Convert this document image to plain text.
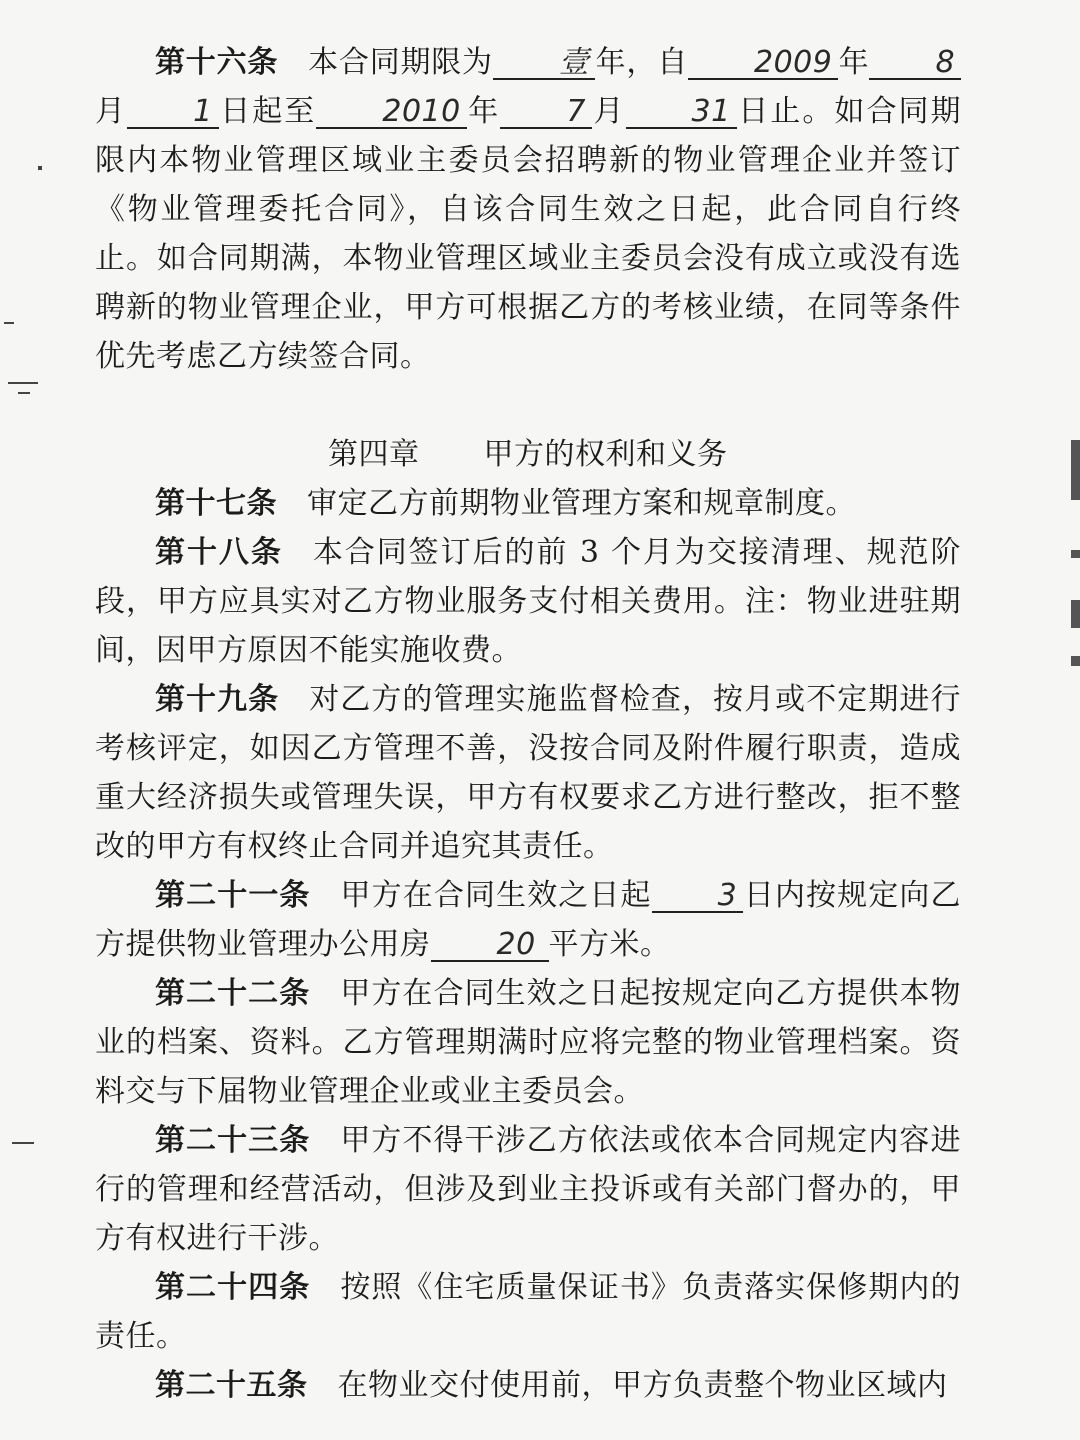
第十六条 本合同期限为 壹 年，自 2009 年 8月 1 日起至 2010 年 7 月 31 日止。如合同期限内本物业管理区域业主委员会招聘新的物业管理企业并签订《物业管理委托合同》，自该合同生效之日起，此合同自行终止。如合同期满，本物业管理区域业主委员会没有成立或没有选聘新的物业管理企业，甲方可根据乙方的考核业绩，在同等条件优先考虑乙方续签合同。

第四章 甲方的权利和义务

第十七条 审定乙方前期物业管理方案和规章制度。

第十八条 本合同签订后的前 3 个月为交接清理、规范阶段，甲方应具实对乙方物业服务支付相关费用。注：物业进驻期间，因甲方原因不能实施收费。

第十九条 对乙方的管理实施监督检查，按月或不定期进行考核评定，如因乙方管理不善，没按合同及附件履行职责，造成重大经济损失或管理失误，甲方有权要求乙方进行整改，拒不整改的甲方有权终止合同并追究其责任。

第二十一条 甲方在合同生效之日起 3 日内按规定向乙方提供物业管理办公用房 20 平方米。

第二十二条 甲方在合同生效之日起按规定向乙方提供本物业的档案、资料。乙方管理期满时应将完整的物业管理档案。资料交与下届物业管理企业或业主委员会。

第二十三条 甲方不得干涉乙方依法或依本合同规定内容进行的管理和经营活动，但涉及到业主投诉或有关部门督办的，甲方有权进行干涉。

第二十四条 按照《住宅质量保证书》负责落实保修期内的责任。

第二十五条 在物业交付使用前，甲方负责整个物业区域内
